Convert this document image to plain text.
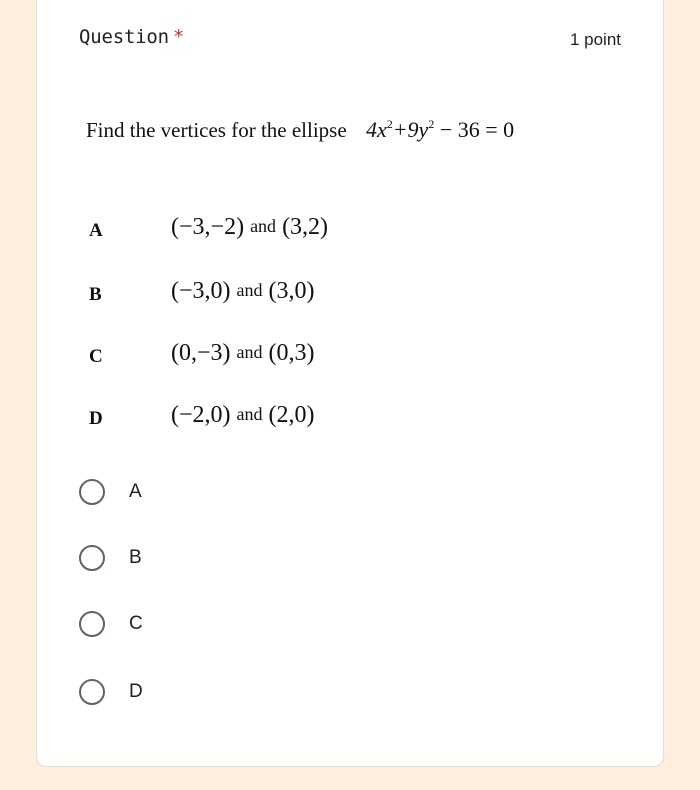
Question *	1 point
Find the vertices for the ellipse $4x^2+9y^2 - 36 = 0$
A	(−3,−2) and (3,2)
B	(−3,0) and (3,0)
C	(0,−3) and (0,3)
D	(−2,0) and (2,0)
A
B
C
D
